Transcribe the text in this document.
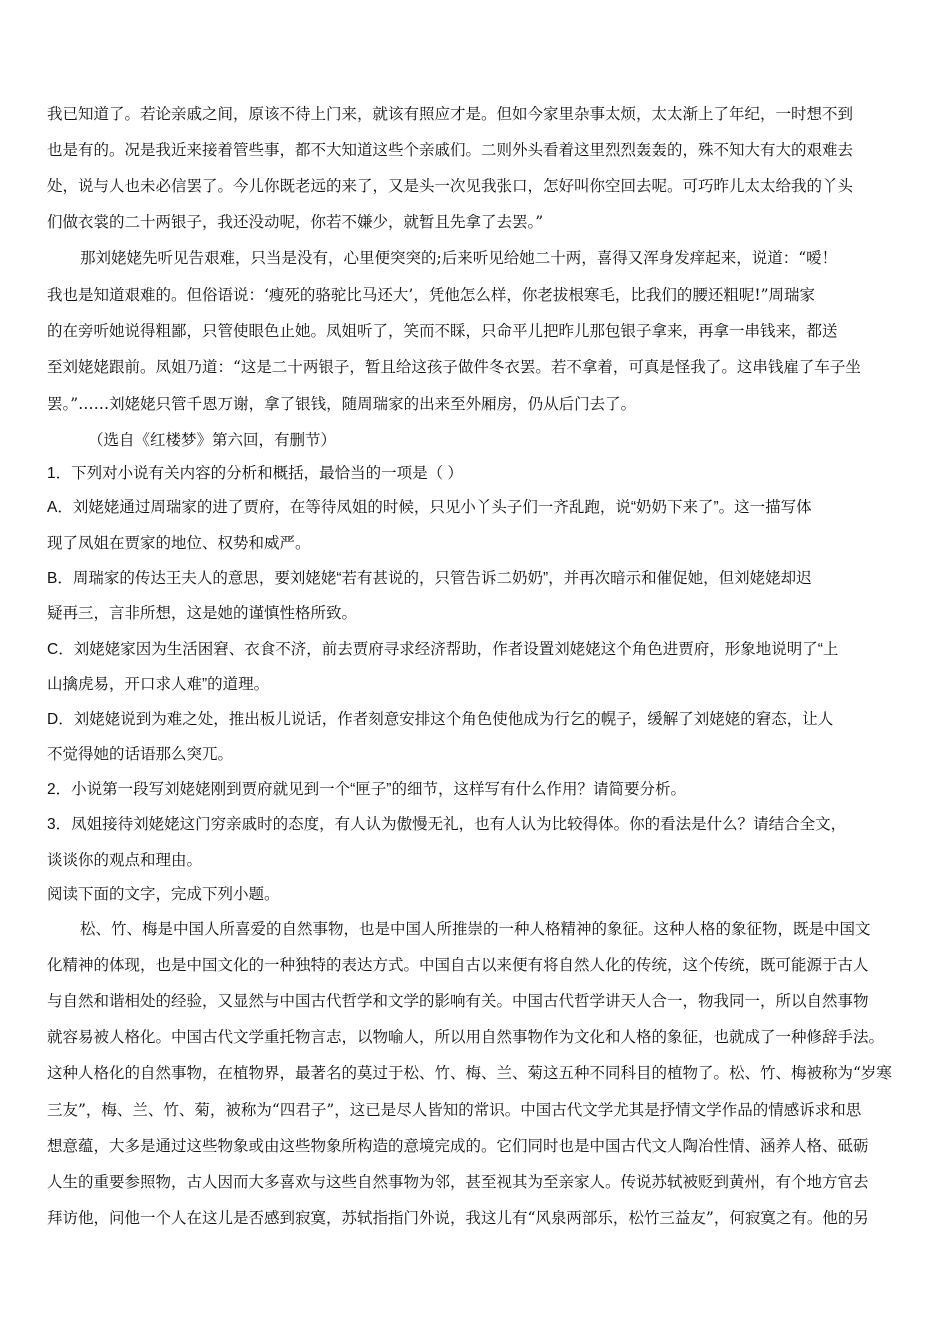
我已知道了。若论亲戚之间，原该不待上门来，就该有照应才是。但如今家里杂事太烦，太太渐上了年纪，一时想不到
也是有的。况是我近来接着管些事，都不大知道这些个亲戚们。二则外头看着这里烈烈轰轰的，殊不知大有大的艰难去
处，说与人也未必信罢了。今儿你既老远的来了，又是头一次见我张口，怎好叫你空回去呢。可巧昨儿太太给我的丫头
们做衣裳的二十两银子，我还没动呢，你若不嫌少，就暂且先拿了去罢。”
那刘姥姥先听见告艰难，只当是没有，心里便突突的;后来听见给她二十两，喜得又浑身发痒起来，说道：“嗳！
我也是知道艰难的。但俗语说：‘瘦死的骆驼比马还大’，凭他怎么样，你老拔根寒毛，比我们的腰还粗呢!”周瑞家
的在旁听她说得粗鄙，只管使眼色止她。凤姐听了，笑而不睬，只命平儿把昨儿那包银子拿来，再拿一串钱来，都送
至刘姥姥跟前。凤姐乃道：“这是二十两银子，暂且给这孩子做件冬衣罢。若不拿着，可真是怪我了。这串钱雇了车子坐
罢。”……刘姥姥只管千恩万谢，拿了银钱，随周瑞家的出来至外厢房，仍从后门去了。
（选自《红楼梦》第六回，有删节）
1．下列对小说有关内容的分析和概括，最恰当的一项是（ ）
A．刘姥姥通过周瑞家的进了贾府，在等待凤姐的时候，只见小丫头子们一齐乱跑，说“奶奶下来了”。这一描写体
现了凤姐在贾家的地位、权势和威严。
B．周瑞家的传达王夫人的意思，要刘姥姥“若有甚说的，只管告诉二奶奶”，并再次暗示和催促她，但刘姥姥却迟
疑再三，言非所想，这是她的谨慎性格所致。
C．刘姥姥家因为生活困窘、衣食不济，前去贾府寻求经济帮助，作者设置刘姥姥这个角色进贾府，形象地说明了“上
山擒虎易，开口求人难”的道理。
D．刘姥姥说到为难之处，推出板儿说话，作者刻意安排这个角色使他成为行乞的幌子，缓解了刘姥姥的窘态，让人
不觉得她的话语那么突兀。
2．小说第一段写刘姥姥刚到贾府就见到一个“匣子”的细节，这样写有什么作用？请简要分析。
3．凤姐接待刘姥姥这门穷亲戚时的态度，有人认为傲慢无礼，也有人认为比较得体。你的看法是什么？请结合全文，
谈谈你的观点和理由。
阅读下面的文字，完成下列小题。
松、竹、梅是中国人所喜爱的自然事物，也是中国人所推崇的一种人格精神的象征。这种人格的象征物，既是中国文
化精神的体现，也是中国文化的一种独特的表达方式。中国自古以来便有将自然人化的传统，这个传统，既可能源于古人
与自然和谐相处的经验，又显然与中国古代哲学和文学的影响有关。中国古代哲学讲天人合一，物我同一，所以自然事物
就容易被人格化。中国古代文学重托物言志，以物喻人，所以用自然事物作为文化和人格的象征，也就成了一种修辞手法。
这种人格化的自然事物，在植物界，最著名的莫过于松、竹、梅、兰、菊这五种不同科目的植物了。松、竹、梅被称为“岁寒
三友”，梅、兰、竹、菊，被称为“四君子”，这已是尽人皆知的常识。中国古代文学尤其是抒情文学作品的情感诉求和思
想意蕴，大多是通过这些物象或由这些物象所构造的意境完成的。它们同时也是中国古代文人陶冶性情、涵养人格、砥砺
人生的重要参照物，古人因而大多喜欢与这些自然事物为邻，甚至视其为至亲家人。传说苏轼被贬到黄州，有个地方官去
拜访他，问他一个人在这儿是否感到寂寞，苏轼指指门外说，我这儿有“风泉两部乐，松竹三益友”，何寂寞之有。他的另
